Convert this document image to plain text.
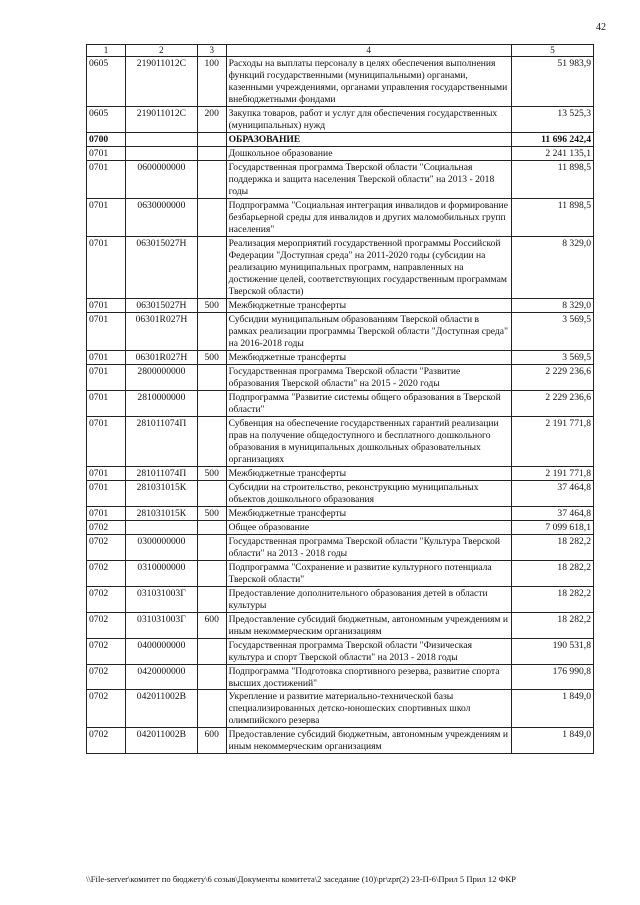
42
1	2	3	4	5
0605	219011012С	100	Расходы на выплаты персоналу в целях обеспечения выполнения функций государственными (муниципальными) органами, казенными учреждениями, органами управления государственными внебюджетными фондами	51 983,9
0605	219011012С	200	Закупка товаров, работ и услуг для обеспечения государственных (муниципальных) нужд	13 525,3
0700			ОБРАЗОВАНИЕ	11 696 242,4
0701			Дошкольное образование	2 241 135,1
0701	0600000000		Государственная программа Тверской области "Социальная поддержка и защита населения Тверской области" на 2013 - 2018 годы	11 898,5
0701	0630000000		Подпрограмма "Социальная интеграция инвалидов и формирование безбарьерной среды для инвалидов и других маломобильных групп населения"	11 898,5
0701	063015027Н		Реализация мероприятий государственной программы Российской Федерации "Доступная среда" на 2011-2020 годы (субсидии на реализацию муниципальных программ, направленных на достижение целей, соответствующих государственным программам Тверской области)	8 329,0
0701	063015027Н	500	Межбюджетные трансферты	8 329,0
0701	06301R027Н		Субсидии муниципальным образованиям Тверской области в рамках реализации программы Тверской области "Доступная среда" на 2016-2018 годы	3 569,5
0701	06301R027Н	500	Межбюджетные трансферты	3 569,5
0701	2800000000		Государственная программа Тверской области "Развитие образования Тверской области" на 2015 - 2020 годы	2 229 236,6
0701	2810000000		Подпрограмма "Развитие системы общего образования в Тверской области"	2 229 236,6
0701	281011074П		Субвенция на обеспечение государственных гарантий реализации прав на получение общедоступного и бесплатного дошкольного образования в муниципальных дошкольных образовательных организациях	2 191 771,8
0701	281011074П	500	Межбюджетные трансферты	2 191 771,8
0701	281031015К		Субсидии на строительство, реконструкцию муниципальных объектов дошкольного образования	37 464,8
0701	281031015К	500	Межбюджетные трансферты	37 464,8
0702			Общее образование	7 099 618,1
0702	0300000000		Государственная программа Тверской области "Культура Тверской области" на 2013 - 2018 годы	18 282,2
0702	0310000000		Подпрограмма "Сохранение и развитие культурного потенциала Тверской области"	18 282,2
0702	031031003Г		Предоставление дополнительного образования детей в области культуры	18 282,2
0702	031031003Г	600	Предоставление субсидий бюджетным, автономным учреждениям и иным некоммерческим организациям	18 282,2
0702	0400000000		Государственная программа Тверской области "Физическая культура и спорт Тверской области" на 2013 - 2018 годы	190 531,8
0702	0420000000		Подпрограмма "Подготовка спортивного резерва, развитие спорта высших достижений"	176 990,8
0702	042011002В		Укрепление и развитие материально-технической базы специализированных детско-юношеских спортивных школ олимпийского резерва	1 849,0
0702	042011002В	600	Предоставление субсидий бюджетным, автономным учреждениям и иным некоммерческим организациям	1 849,0
\\File-server\комитет по бюджету\6 созыв\Документы комитета\2 заседание (10)\pr\zpr(2) 23-П-6\Прил 5 Прил 12 ФКР
